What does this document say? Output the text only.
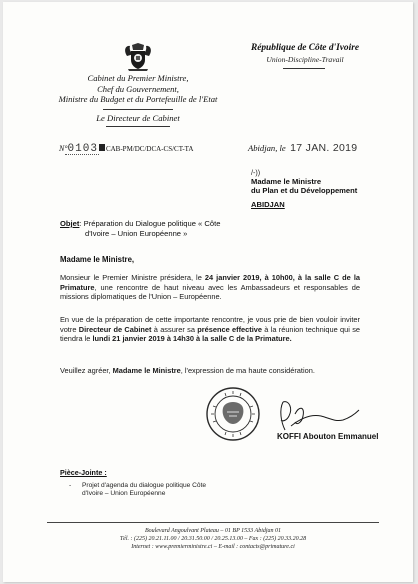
Cabinet du Premier Ministre,
Chef du Gouvernement,
Ministre du Budget et du Portefeuille de l'Etat
Le Directeur de Cabinet
République de Côte d'Ivoire
Union-Discipline-Travail
N°0103 CAB-PM/DC/DCA-CS/CT-TA	Abidjan, le 17 JAN. 2019
/-))
Madame le Ministre
du Plan et du Développement
ABIDJAN
Objet: Préparation du Dialogue politique « Côte
d'Ivoire – Union Européenne »
Madame le Ministre,
Monsieur le Premier Ministre présidera, le 24 janvier 2019, à 10h00, à la salle C de la Primature, une rencontre de haut niveau avec les Ambassadeurs et responsables de missions diplomatiques de l'Union – Européenne.
En vue de la préparation de cette importante rencontre, je vous prie de bien vouloir inviter votre Directeur de Cabinet à assurer sa présence effective à la réunion technique qui se tiendra le lundi 21 janvier 2019 à 14h30 à la salle C de la Primature.
Veuillez agréer, Madame le Ministre, l'expression de ma haute considération.
KOFFI Abouton Emmanuel
Pièce-Jointe :
- Projet d'agenda du dialogue politique Côte
d'Ivoire – Union Européenne
Boulevard Angoulvant Plateau – 01 BP 1533 Abidjan 01
Tél. : (225) 20.21.11.00 / 20.31.50.00 / 20.25.13.00 – Fax : (225) 20.33.20.28
Internet : www.premierministre.ci – E-mail : contacts@primature.ci
